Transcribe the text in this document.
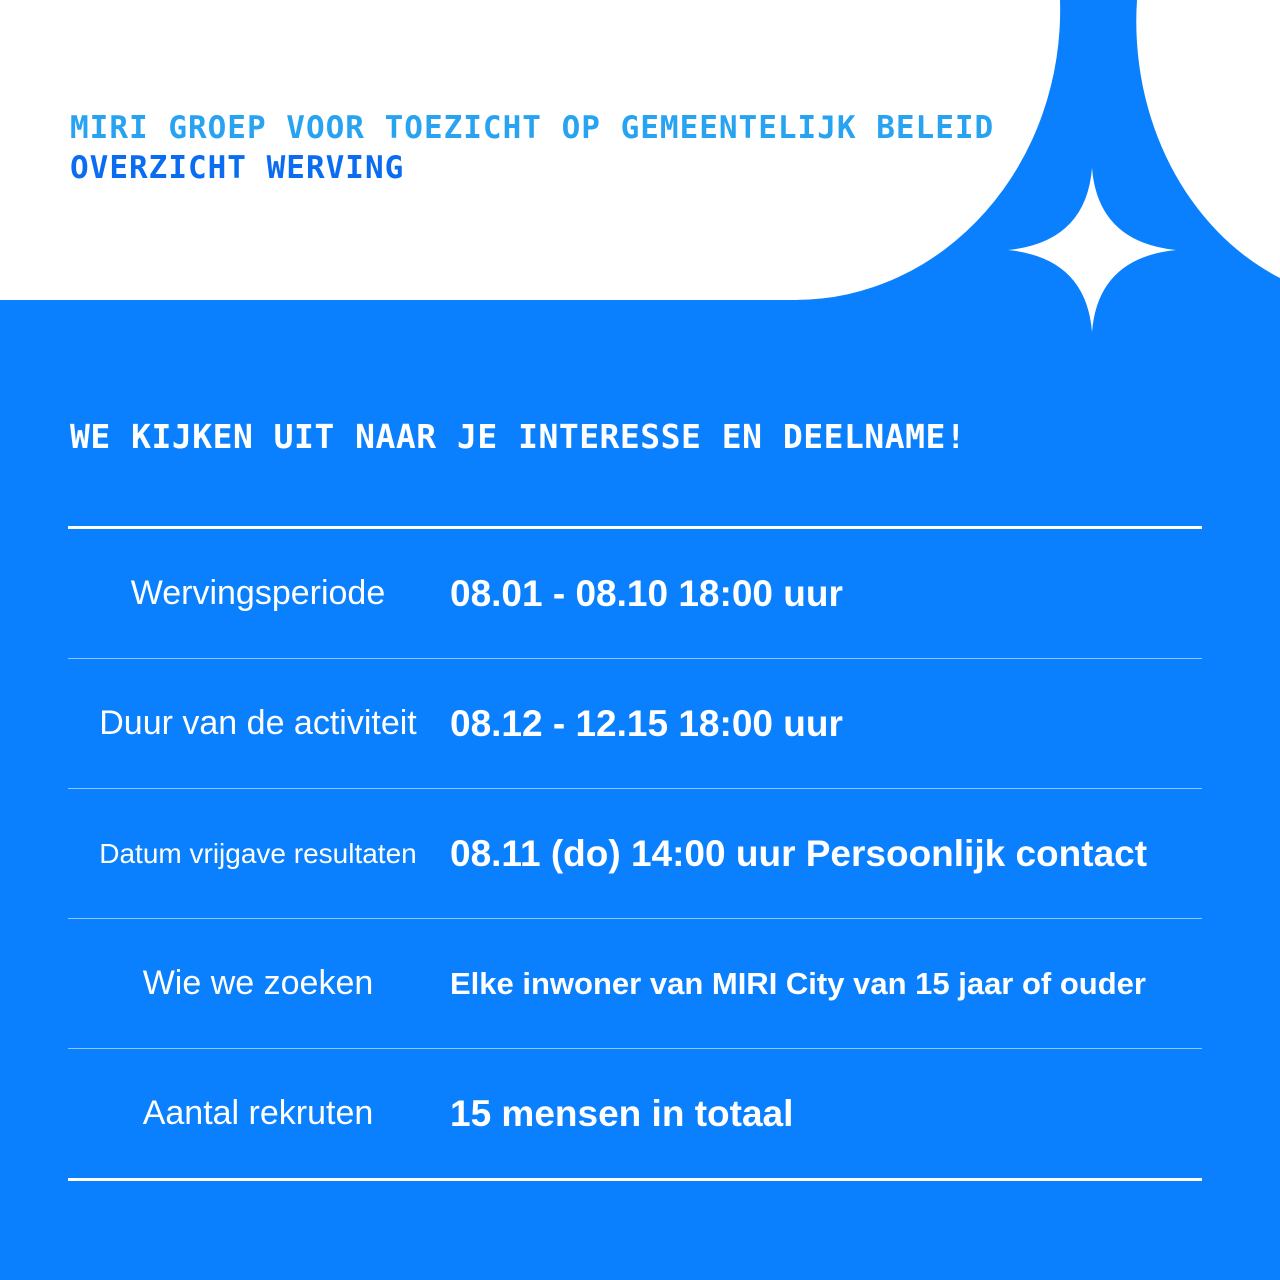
MIRI GROEP VOOR TOEZICHT OP GEMEENTELIJK BELEID
OVERZICHT WERVING
WE KIJKEN UIT NAAR JE INTERESSE EN DEELNAME!
Wervingsperiode	08.01 - 08.10 18:00 uur
Duur van de activiteit 08.12 - 12.15 18:00 uur
Datum vrijgave resultaten 08.11 (do) 14:00 uur Persoonlijk contact
Wie we zoeken	Elke inwoner van MIRI City van 15 jaar of ouder
Aantal rekruten	15 mensen in totaal
